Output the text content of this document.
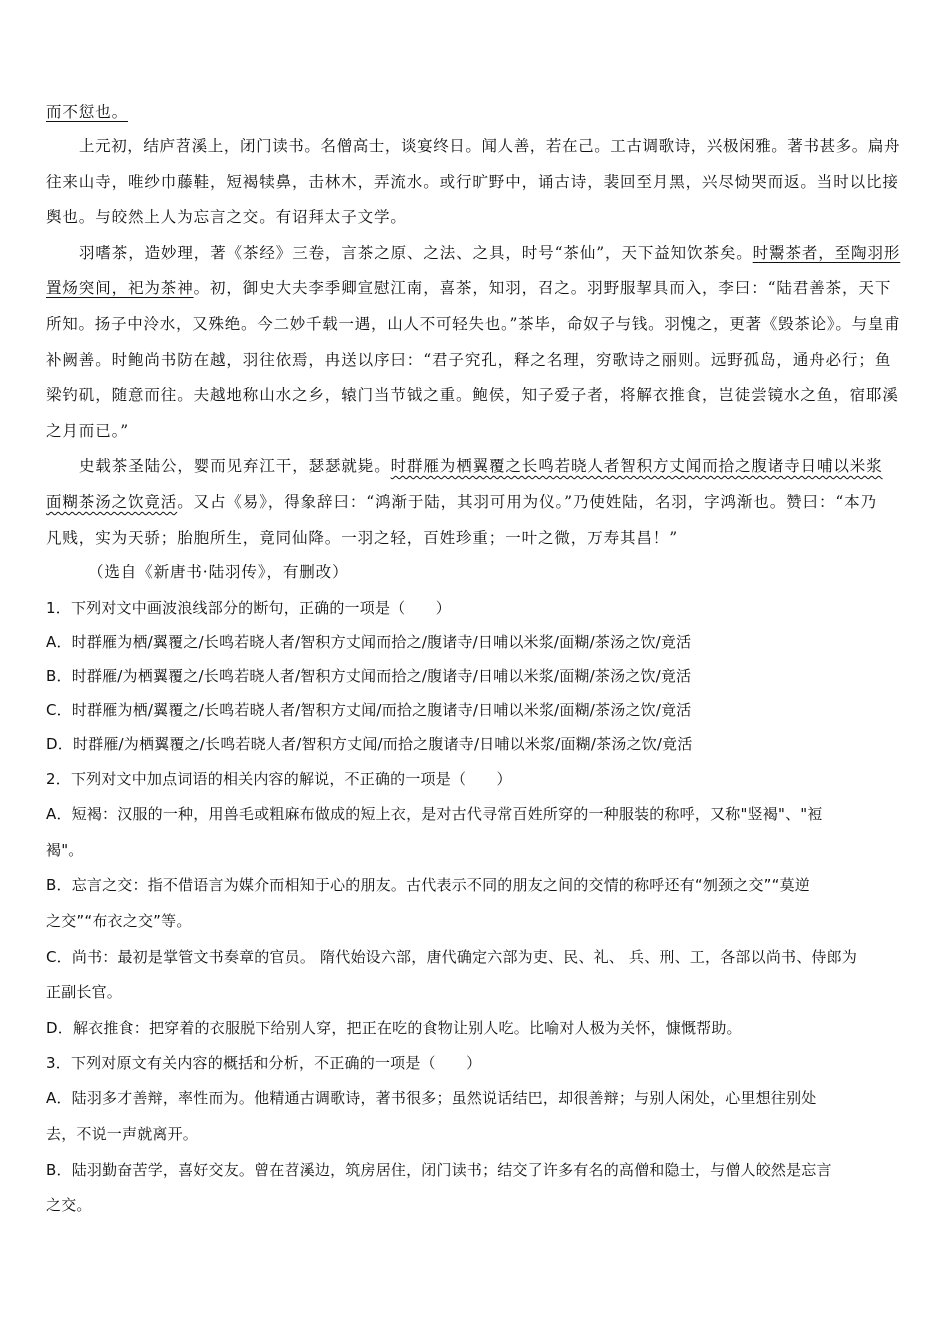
而不愆也。
上元初，结庐苕溪上，闭门读书。名僧高士，谈宴终日。闻人善，若在己。工古调歌诗，兴极闲雅。著书甚多。扁舟
往来山寺，唯纱巾藤鞋，短褐犊鼻，击林木，弄流水。或行旷野中，诵古诗，裴回至月黑，兴尽恸哭而返。当时以比接
舆也。与皎然上人为忘言之交。有诏拜太子文学。
羽嗜茶，造妙理，著《茶经》三卷，言茶之原、之法、之具，时号“茶仙”，天下益知饮茶矣。时鬻茶者，至陶羽形
置炀突间，祀为茶神。初，御史大夫李季卿宣慰江南，喜茶，知羽，召之。羽野服挈具而入，李曰：“陆君善茶，天下
所知。扬子中泠水，又殊绝。今二妙千载一遇，山人不可轻失也。”茶毕，命奴子与钱。羽愧之，更著《毁茶论》。与皇甫
补阙善。时鲍尚书防在越，羽往依焉，冉送以序曰：“君子究孔，释之名理，穷歌诗之丽则。远野孤岛，通舟必行；鱼
梁钓矶，随意而往。夫越地称山水之乡，辕门当节钺之重。鲍侯，知子爱子者，将解衣推食，岂徒尝镜水之鱼，宿耶溪
之月而已。”
史载茶圣陆公，婴而见弃江干，瑟瑟就毙。时群雁为栖翼覆之长鸣若晓人者智积方丈闻而拾之腹诸寺日哺以米浆
面糊茶汤之饮竟活。又占《易》，得象辞曰：“鸿渐于陆，其羽可用为仪。”乃使姓陆，名羽，字鸿渐也。赞曰：“本乃
凡贱，实为天骄；胎胞所生，竟同仙降。一羽之轻，百姓珍重；一叶之微，万寿其昌！”
（选自《新唐书·陆羽传》，有删改）
1．下列对文中画波浪线部分的断句，正确的一项是（　　）
A．时群雁为栖/翼覆之/长鸣若晓人者/智积方丈闻而拾之/腹诸寺/日哺以米浆/面糊/茶汤之饮/竟活
B．时群雁/为栖翼覆之/长鸣若晓人者/智积方丈闻而拾之/腹诸寺/日哺以米浆/面糊/茶汤之饮/竟活
C．时群雁为栖/翼覆之/长鸣若晓人者/智积方丈闻/而拾之腹诸寺/日哺以米浆/面糊/茶汤之饮/竟活
D．时群雁/为栖翼覆之/长鸣若晓人者/智积方丈闻/而拾之腹诸寺/日哺以米浆/面糊/茶汤之饮/竟活
2．下列对文中加点词语的相关内容的解说，不正确的一项是（　　）
A．短褐：汉服的一种，用兽毛或粗麻布做成的短上衣，是对古代寻常百姓所穿的一种服装的称呼，又称"竖褐"、"裋
褐"。
B．忘言之交：指不借语言为媒介而相知于心的朋友。古代表示不同的朋友之间的交情的称呼还有“刎颈之交”“莫逆
之交”“布衣之交”等。
C．尚书：最初是掌管文书奏章的官员。 隋代始设六部，唐代确定六部为吏、民、礼、 兵、刑、工，各部以尚书、侍郎为
正副长官。
D．解衣推食：把穿着的衣服脱下给别人穿，把正在吃的食物让别人吃。比喻对人极为关怀，慷慨帮助。
3．下列对原文有关内容的概括和分析，不正确的一项是（　　）
A．陆羽多才善辩，率性而为。他精通古调歌诗，著书很多；虽然说话结巴，却很善辩；与别人闲处，心里想往别处
去，不说一声就离开。
B．陆羽勤奋苦学，喜好交友。曾在苕溪边，筑房居住，闭门读书；结交了许多有名的高僧和隐士，与僧人皎然是忘言
之交。
